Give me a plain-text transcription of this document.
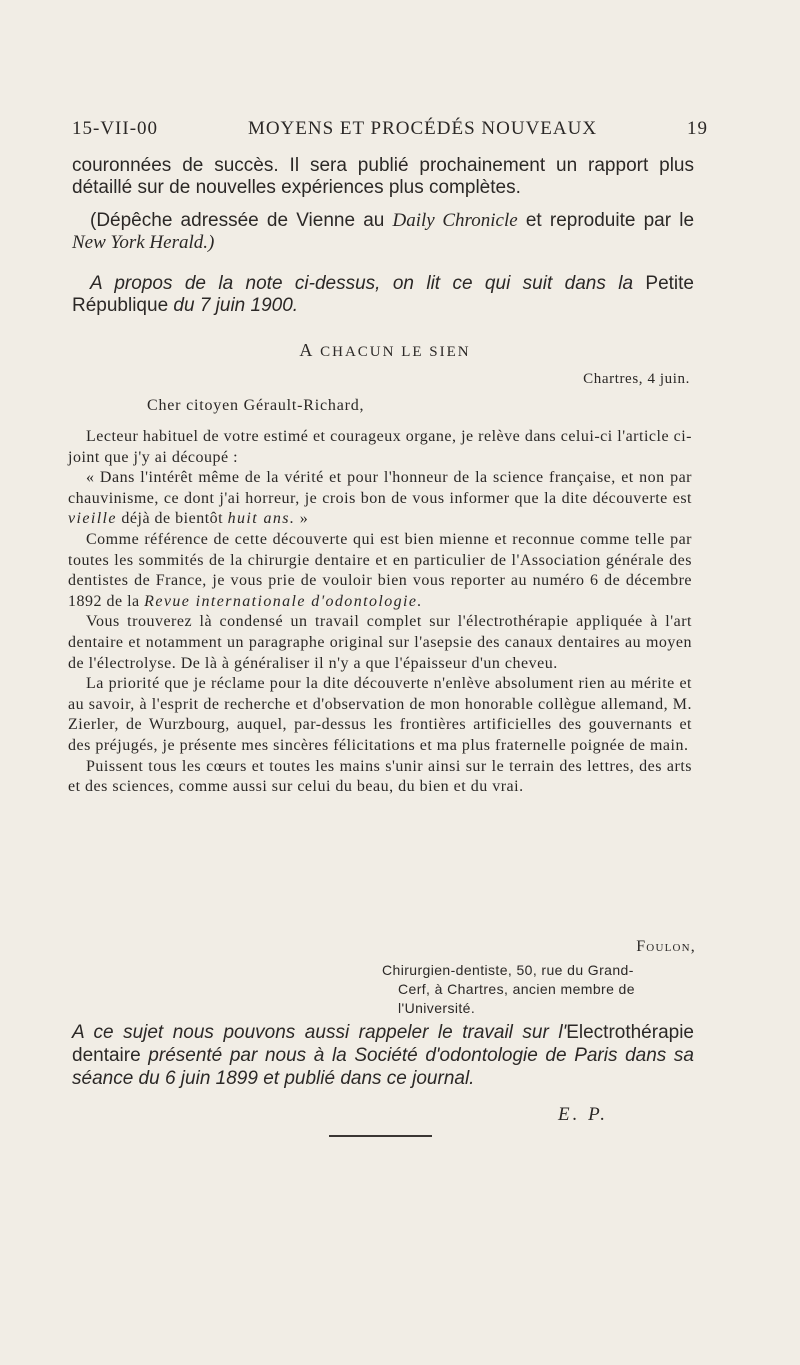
15-VII-00	MOYENS ET PROCÉDÉS NOUVEAUX	19
couronnées de succès. Il sera publié prochainement un rapport plus détaillé sur de nouvelles expériences plus complètes.
(Dépêche adressée de Vienne au Daily Chronicle et reproduite par le New York Herald.)
A propos de la note ci-dessus, on lit ce qui suit dans la Petite République du 7 juin 1900.
A CHACUN LE SIEN
Chartres, 4 juin.
Cher citoyen Gérault-Richard,

Lecteur habituel de votre estimé et courageux organe, je relève dans celui-ci l'article ci-joint que j'y ai découpé :

« Dans l'intérêt même de la vérité et pour l'honneur de la science française, et non par chauvinisme, ce dont j'ai horreur, je crois bon de vous informer que la dite découverte est vieille déjà de bientôt huit ans. »

Comme référence de cette découverte qui est bien mienne et reconnue comme telle par toutes les sommités de la chirurgie dentaire et en particulier de l'Association générale des dentistes de France, je vous prie de vouloir bien vous reporter au numéro 6 de décembre 1892 de la Revue internationale d'odontologie.

Vous trouverez là condensé un travail complet sur l'électrothérapie appliquée à l'art dentaire et notamment un paragraphe original sur l'asepsie des canaux dentaires au moyen de l'électrolyse. De là à généraliser il n'y a que l'épaisseur d'un cheveu.

La priorité que je réclame pour la dite découverte n'enlève absolument rien au mérite et au savoir, à l'esprit de recherche et d'observation de mon honorable collègue allemand, M. Zierler, de Wurzbourg, auquel, par-dessus les frontières artificielles des gouvernants et des préjugés, je présente mes sincères félicitations et ma plus fraternelle poignée de main.

Puissent tous les cœurs et toutes les mains s'unir ainsi sur le terrain des lettres, des arts et des sciences, comme aussi sur celui du beau, du bien et du vrai.

Foulon,
Chirurgien-dentiste, 50, rue du Grand-
Cerf, à Chartres, ancien membre de
l'Université.
A ce sujet nous pouvons aussi rappeler le travail sur l'Electrothérapie dentaire présenté par nous à la Société d'odontologie de Paris dans sa séance du 6 juin 1899 et publié dans ce journal.
E. P.
